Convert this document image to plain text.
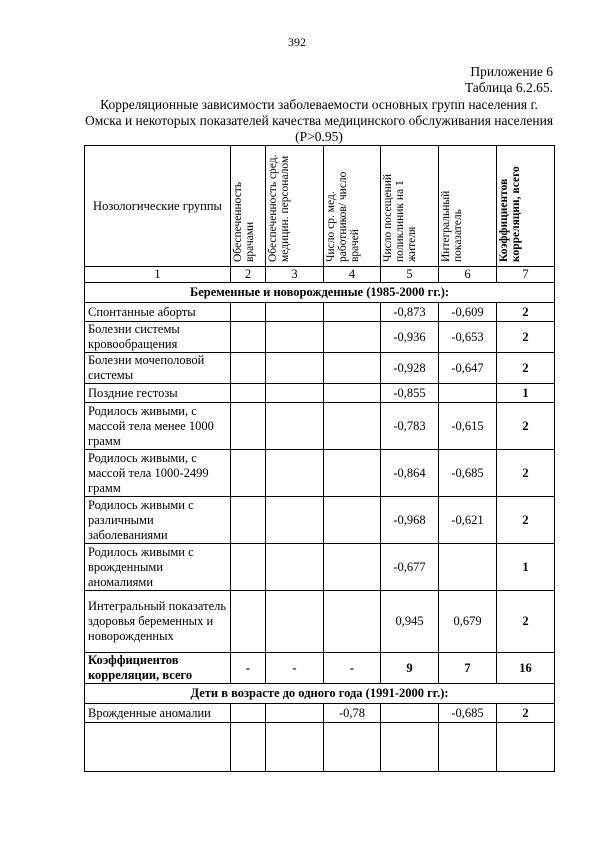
392
Приложение 6
Таблица 6.2.65.
Корреляционные зависимости заболеваемости основных групп населения г. Омска и некоторых показателей качества медицинского обслуживания населения (Р>0.95)
Нозологические группы	Обеспеченность врачами	Обеспеченность сред. медицин. персоналом	Число ср. мед. работников/ число врачей	Число посещений поликлиник на 1 жителя	Интегральный показатель	Коэффициентов корреляции, всего
1	2	3	4	5	6	7
Беременные и новорожденные (1985-2000 гг.):						
Спонтанные аборты				-0,873	-0,609	2
Болезни системы кровообращения				-0,936	-0,653	2
Болезни мочеполовой системы				-0,928	-0,647	2
Поздние гестозы				-0,855		1
Родилось живыми, с массой тела менее 1000 грамм				-0,783	-0,615	2
Родилось живыми, с массой тела 1000-2499 грамм				-0,864	-0,685	2
Родилось живыми с различными заболеваниями				-0,968	-0,621	2
Родилось живыми с врожденными аномалиями				-0,677		1
Интегральный показатель здоровья беременных и новорожденных				0,945	0,679	2
Коэффициентов корреляции, всего	-	-	-	9	7	16
Дети в возрасте до одного года (1991-2000 гг.):						
Врожденные аномалии			-0,78		-0,685	2
